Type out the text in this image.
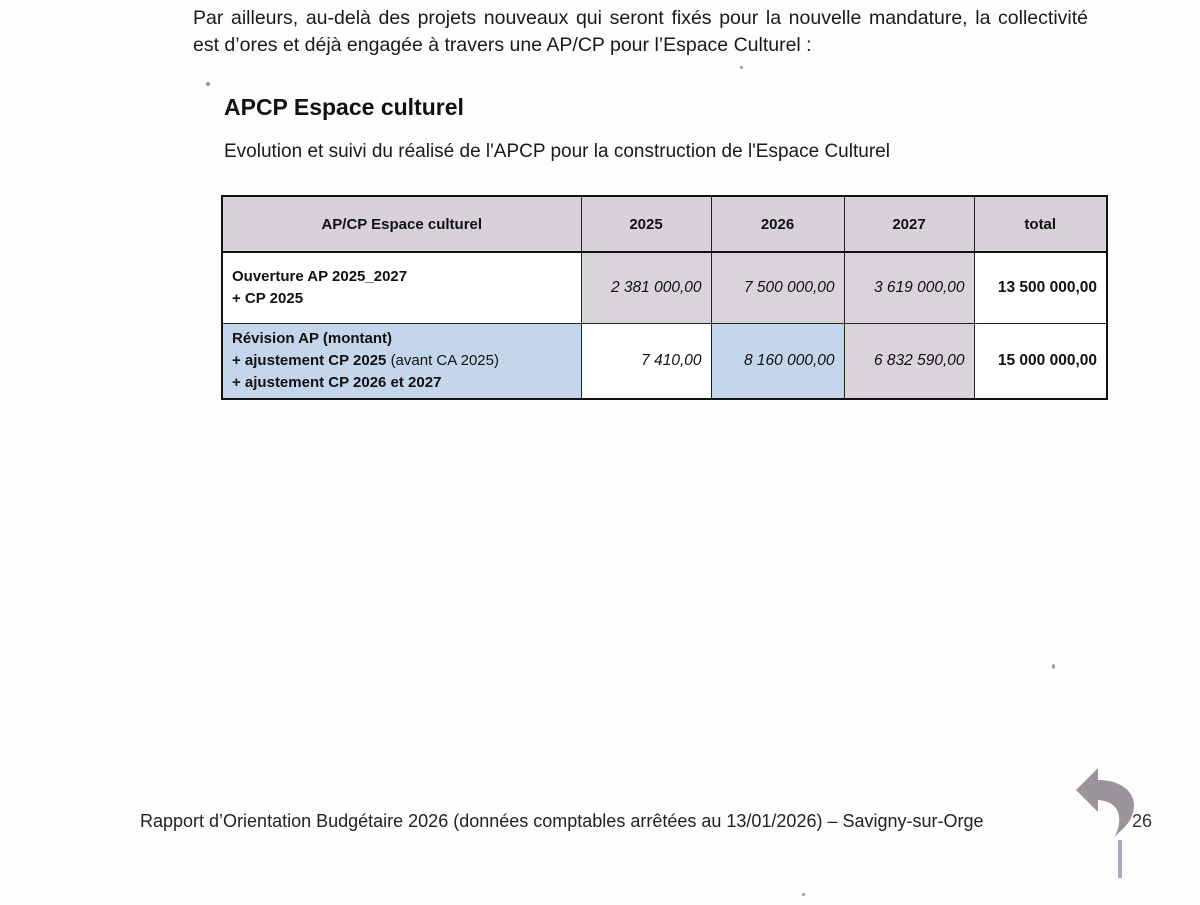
Par ailleurs, au-delà des projets nouveaux qui seront fixés pour la nouvelle mandature, la collectivité est d’ores et déjà engagée à travers une AP/CP pour l’Espace Culturel :

APCP Espace culturel

Evolution et suivi du réalisé de l'APCP pour la construction de l'Espace Culturel

AP/CP Espace culturel	2025	2026	2027	total

Ouverture AP 2025_2027
+ CP 2025	2 381 000,00	7 500 000,00	3 619 000,00	13 500 000,00

Révision AP (montant)
+ ajustement CP 2025 (avant CA 2025)
+ ajustement CP 2026 et 2027	7 410,00	8 160 000,00	6 832 590,00	15 000 000,00

Rapport d’Orientation Budgétaire 2026 (données comptables arrêtées au 13/01/2026) – Savigny-sur-Orge	26
